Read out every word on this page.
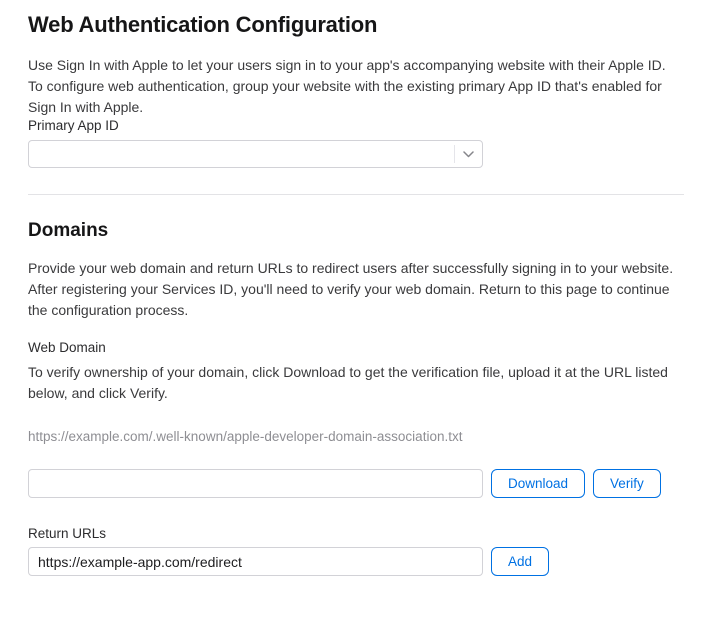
Web Authentication Configuration

Use Sign In with Apple to let your users sign in to your app's accompanying website with their Apple ID. To configure web authentication, group your website with the existing primary App ID that's enabled for Sign In with Apple.

Primary App ID
Domains

Provide your web domain and return URLs to redirect users after successfully signing in to your website. After registering your Services ID, you'll need to verify your web domain. Return to this page to continue the configuration process.

Web Domain

To verify ownership of your domain, click Download to get the verification file, upload it at the URL listed below, and click Verify.

https://example.com/.well-known/apple-developer-domain-association.txt
Download	Verify
Return URLs
https://example-app.com/redirect
Add
